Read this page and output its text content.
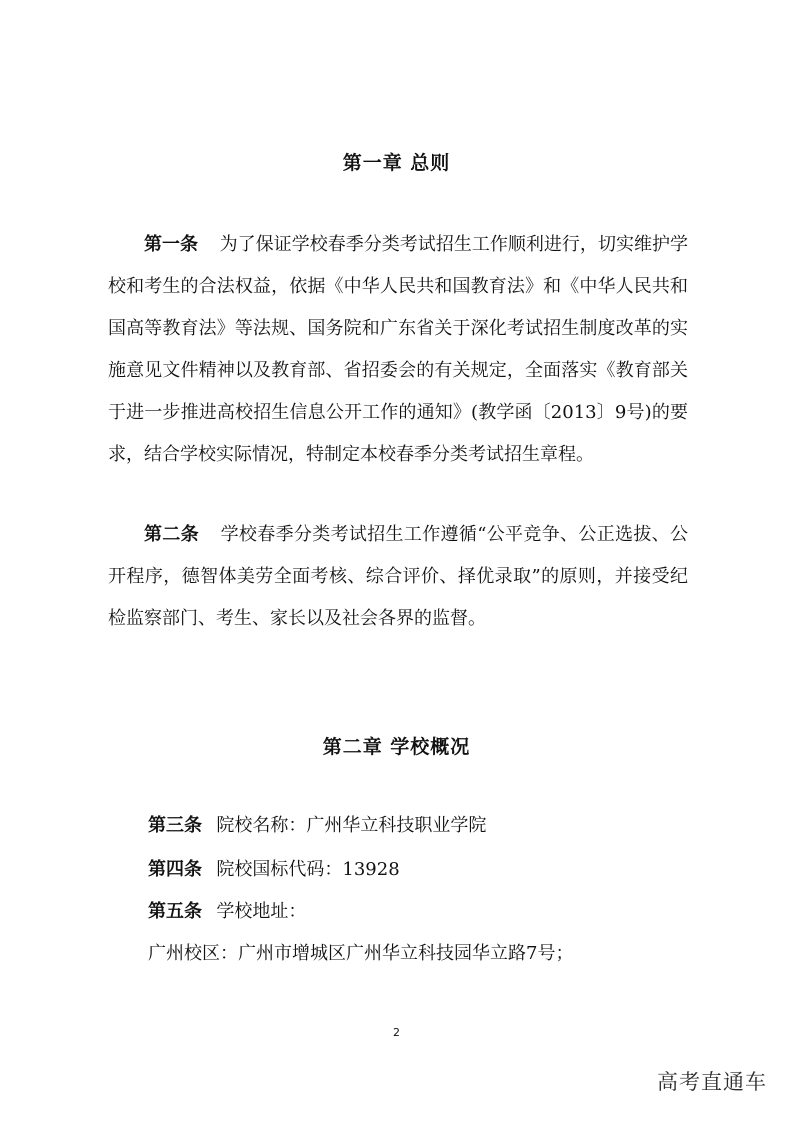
第一章 总则

第一条 为了保证学校春季分类考试招生工作顺利进行，切实维护学校和考生的合法权益，依据《中华人民共和国教育法》和《中华人民共和国高等教育法》等法规、国务院和广东省关于深化考试招生制度改革的实施意见文件精神以及教育部、省招委会的有关规定，全面落实《教育部关于进一步推进高校招生信息公开工作的通知》(教学函〔2013〕9号)的要求，结合学校实际情况，特制定本校春季分类考试招生章程。

第二条 学校春季分类考试招生工作遵循“公平竞争、公正选拔、公开程序，德智体美劳全面考核、综合评价、择优录取”的原则，并接受纪检监察部门、考生、家长以及社会各界的监督。

第二章 学校概况

第三条 院校名称：广州华立科技职业学院

第四条 院校国标代码：13928

第五条 学校地址：

广州校区：广州市增城区广州华立科技园华立路7号；

2
高考直通车
